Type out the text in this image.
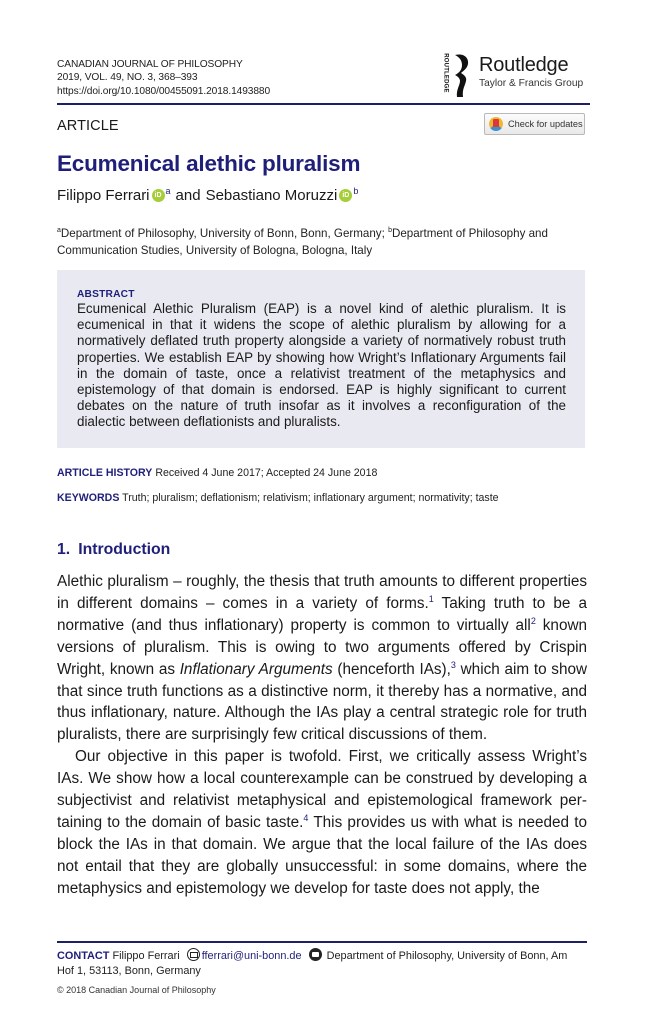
CANADIAN JOURNAL OF PHILOSOPHY
2019, VOL. 49, NO. 3, 368–393
https://doi.org/10.1080/00455091.2018.1493880	ROUTLEDGE Routledge
Taylor & Francis Group
ARTICLE	Check for updates
Ecumenical alethic pluralism
Filippo Ferrari iD a and Sebastiano Moruzzi iD b
$^a$Department of Philosophy, University of Bonn, Bonn, Germany; $^b$Department of Philosophy and Communication Studies, University of Bologna, Bologna, Italy
ABSTRACT
Ecumenical Alethic Pluralism (EAP) is a novel kind of alethic pluralism. It is ecumenical in that it widens the scope of alethic pluralism by allowing for a normatively deflated truth property alongside a variety of normatively robust truth properties. We establish EAP by showing how Wright’s Inflationary Arguments fail in the domain of taste, once a relativist treatment of the metaphysics and epistemology of that domain is endorsed. EAP is highly significant to current debates on the nature of truth insofar as it involves a reconfiguration of the dialectic between deflationists and pluralists.
ARTICLE HISTORY Received 4 June 2017; Accepted 24 June 2018
KEYWORDS Truth; pluralism; deflationism; relativism; inflationary argument; normativity; taste
1. Introduction

Alethic pluralism – roughly, the thesis that truth amounts to different properties in different domains – comes in a variety of forms.$^1$ Taking truth to be a normative (and thus inflationary) property is common to virtually all$^2$ known versions of pluralism. This is owing to two arguments offered by Crispin Wright, known as Inflationary Arguments (henceforth IAs),$^3$ which aim to show that since truth functions as a distinctive norm, it thereby has a normative, and thus inflationary, nature. Although the IAs play a central strategic role for truth pluralists, there are surprisingly few critical discussions of them.

Our objective in this paper is twofold. First, we critically assess Wright’s IAs. We show how a local counterexample can be construed by developing a subjectivist and relativist metaphysical and epistemological framework pertaining to the domain of basic taste.$^4$ This provides us with what is needed to block the IAs in that domain. We argue that the local failure of the IAs does not entail that they are globally unsuccessful: in some domains, where the metaphysics and epistemology we develop for taste does not apply, the

CONTACT Filippo Ferrari fferrari@uni-bonn.de Department of Philosophy, University of Bonn, Am Hof 1, 53113, Bonn, Germany
© 2018 Canadian Journal of Philosophy
